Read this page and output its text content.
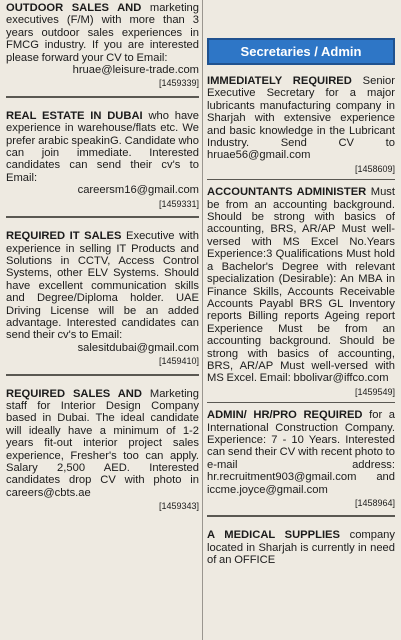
OUTDOOR SALES AND marketing executives (F/M) with more than 3 years outdoor sales experiences in FMCG industry. If you are interested please forward your CV to Email:
hruae@leisure-trade.com
[1459339]
REAL ESTATE IN DUBAI who have experience in warehouse/flats etc. We prefer arabic speakinG. Candidate who can join immediate. Interested candidates can send their cv's to Email:
careersm16@gmail.com
[1459331]
REQUIRED IT SALES Executive with experience in selling IT Products and Solutions in CCTV, Access Control Systems, other ELV Systems. Should have excellent communication skills and Degree/Diploma holder. UAE Driving License will be an added advantage. Interested candidates can send their cv's to Email:
salesitdubai@gmail.com
[1459410]
REQUIRED SALES AND Marketing staff for Interior Design Company based in Dubai. The ideal candidate will ideally have a minimum of 1-2 years fit-out interior project sales experience, Fresher's too can apply. Salary 2,500 AED. Interested candidates drop CV with photo in careers@cbts.ae
[1459343]
Secretaries / Admin
IMMEDIATELY REQUIRED Senior Executive Secretary for a major lubricants manufacturing company in Sharjah with extensive experience and basic knowledge in the Lubricant Industry. Send CV to hruae56@gmail.com
[1458609]
ACCOUNTANTS ADMINISTER Must be from an accounting background. Should be strong with basics of accounting, BRS, AR/AP Must well-versed with MS Excel No.Years Experience:3 Qualifications Must hold a Bachelor's Degree with relevant specialization (Desirable): An MBA in Finance Skills, Accounts Receivable Accounts Payabl BRS GL Inventory reports Billing reports Ageing report Experience Must be from an accounting background. Should be strong with basics of accounting, BRS, AR/AP Must well-versed with MS Excel. Email: bbolivar@iffco.com
[1459549]
ADMIN/ HR/PRO REQUIRED for a International Construction Company. Experience: 7 - 10 Years. Interested can send their CV with recent photo to e-mail address: hr.recruitment903@gmail.com and iccme.joyce@gmail.com
[1458964]
A MEDICAL SUPPLIES company located in Sharjah is currently in need of an OFFICE
